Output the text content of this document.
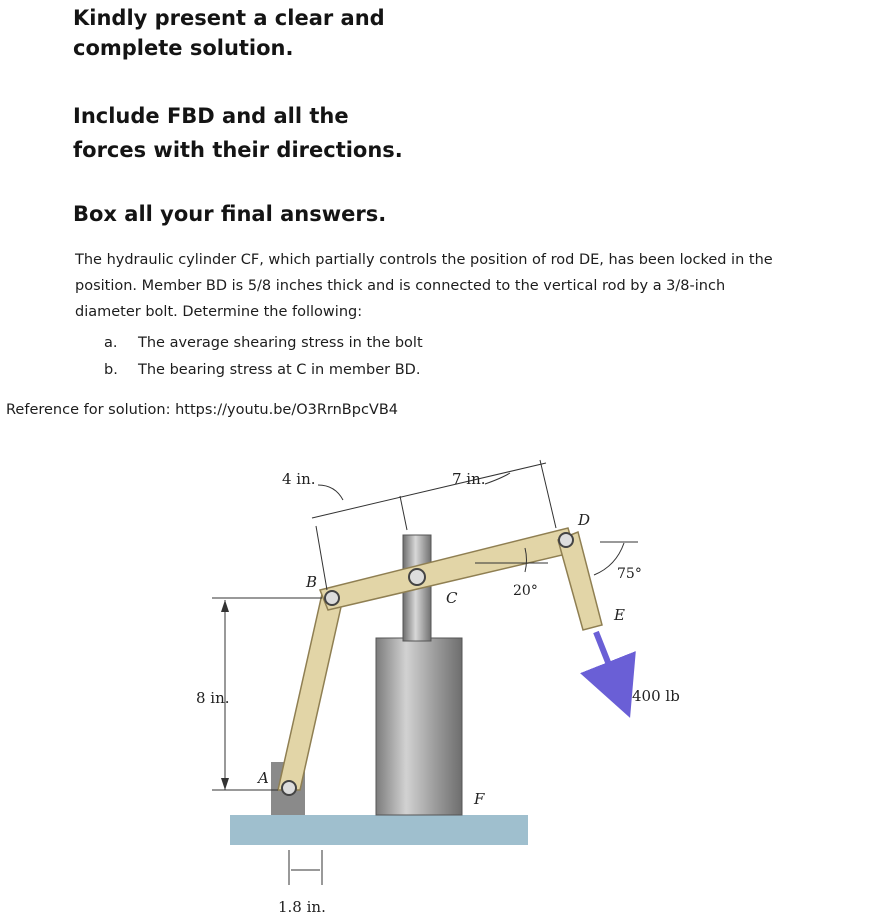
Kindly present a clear and
complete solution.
Include FBD and all the
forces with their directions.
Box all your final answers.
The hydraulic cylinder CF, which partially controls the position of rod DE, has been locked in the
position. Member BD is 5/8 inches thick and is connected to the vertical rod by a 3/8-inch
diameter bolt. Determine the following:
a. The average shearing stress in the bolt
b. The bearing stress at C in member BD.
Reference for solution: https://youtu.be/O3RrnBpcVB4
4 in.	7 in.
8 in.
1.8 in.
A
B
C
D
E
F
20°
75°
400 lb
